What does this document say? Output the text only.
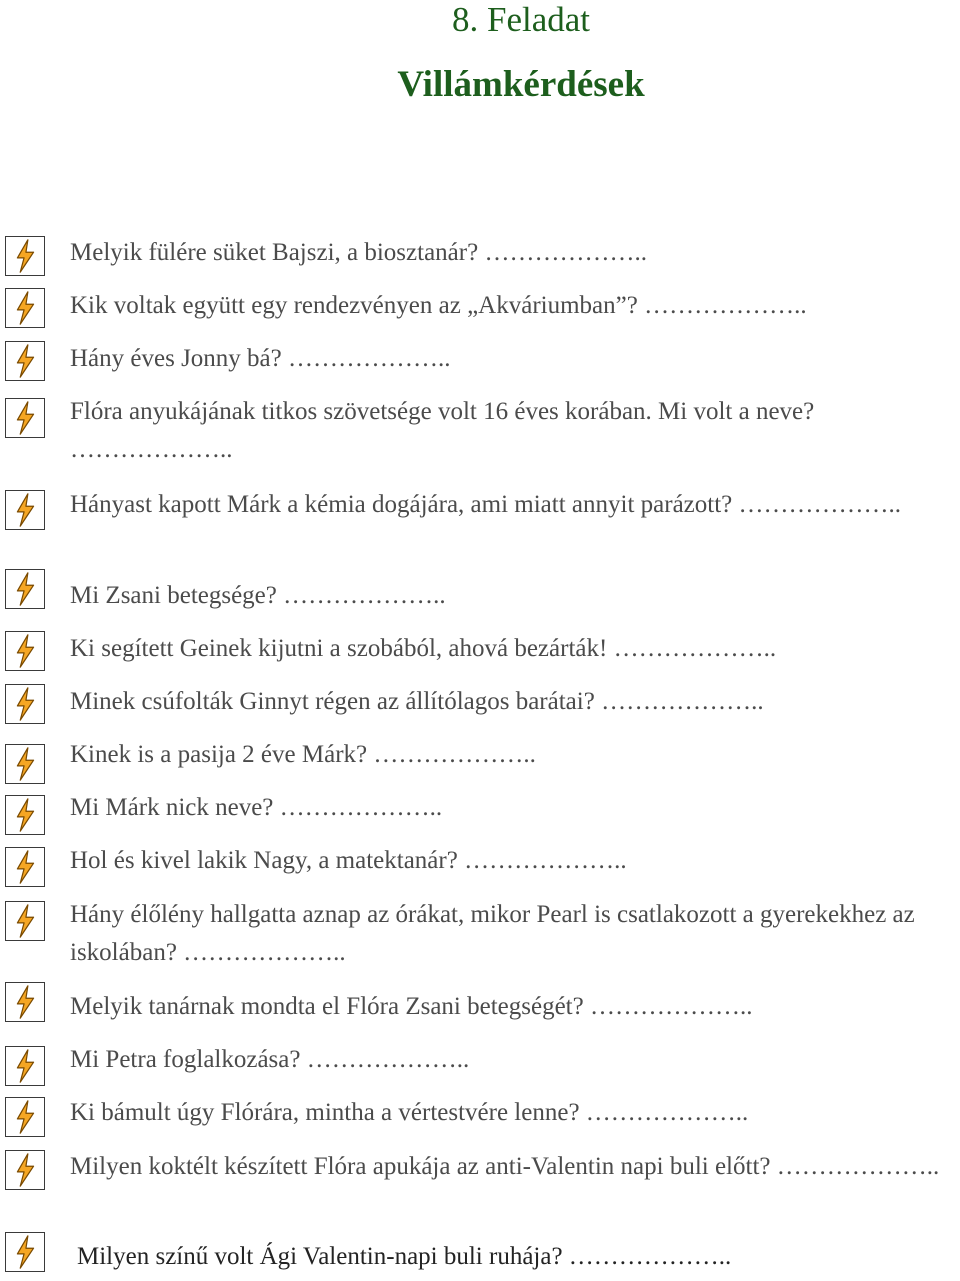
8. Feladat
Villámkérdések

Melyik fülére süket Bajszi, a biosztanár? ………………..

Kik voltak együtt egy rendezvényen az „Akváriumban”? ………………..

Hány éves Jonny bá? ………………..

Flóra anyukájának titkos szövetsége volt 16 éves korában. Mi volt a neve? ………………..

Hányast kapott Márk a kémia dogájára, ami miatt annyit parázott? ………………..

Mi Zsani betegsége? ………………..

Ki segített Geinek kijutni a szobából, ahová bezárták! ………………..

Minek csúfolták Ginnyt régen az állítólagos barátai? ………………..

Kinek is a pasija 2 éve Márk? ………………..

Mi Márk nick neve? ………………..

Hol és kivel lakik Nagy, a matektanár? ………………..

Hány élőlény hallgatta aznap az órákat, mikor Pearl is csatlakozott a gyerekekhez az iskolában? ………………..

Melyik tanárnak mondta el Flóra Zsani betegségét? ………………..

Mi Petra foglalkozása? ………………..

Ki bámult úgy Flórára, mintha a vértestvére lenne? ………………..

Milyen koktélt készített Flóra apukája az anti-Valentin napi buli előtt? ………………..

Milyen színű volt Ági Valentin-napi buli ruhája? ………………..
